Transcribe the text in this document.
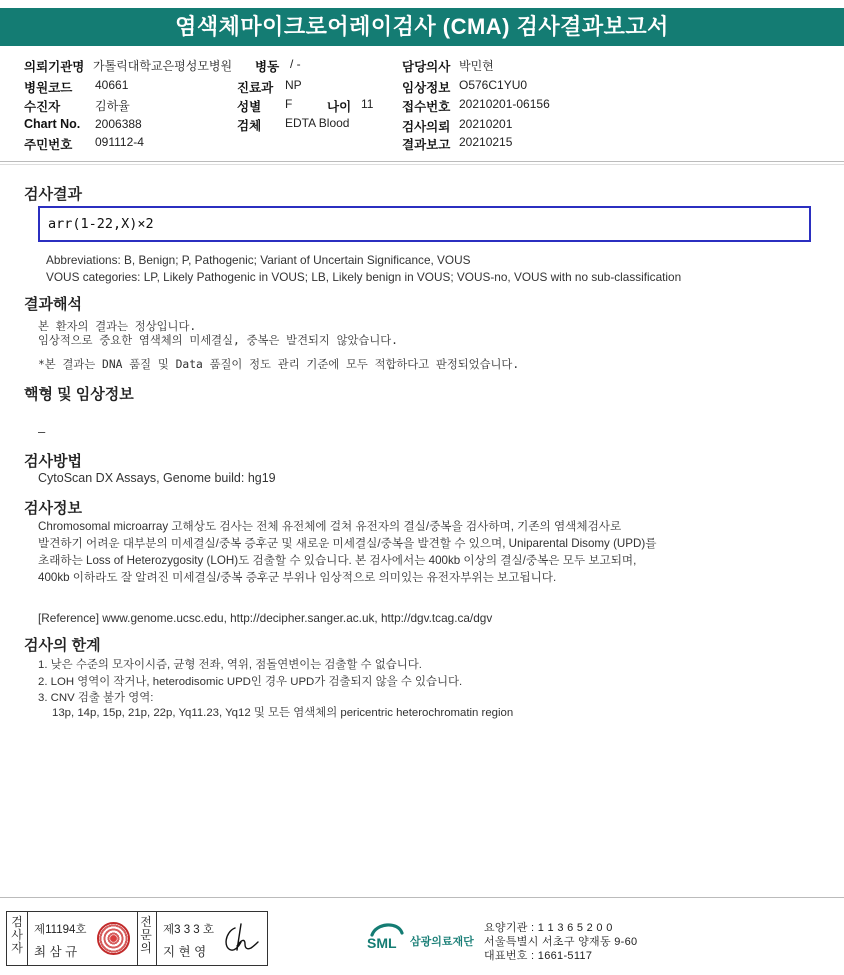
염색체마이크로어레이검사 (CMA) 검사결과보고서
의뢰기관명 가톨릭대학교은평성모병원 병동 / -	담당의사 박민현
병원코드 40661	진료과 NP	임상정보 O576C1YU0
수진자	김하율	성별 F	나이 11 접수번호 20210201-06156
Chart No. 2006388	검체 EDTA Blood	검사의뢰 20210201
주민번호 091112-4	결과보고 20210215
검사결과
arr(1-22,X)×2
Abbreviations: B, Benign; P, Pathogenic; Variant of Uncertain Significance, VOUS
VOUS categories: LP, Likely Pathogenic in VOUS; LB, Likely benign in VOUS; VOUS-no, VOUS with no sub-classification
결과해석
본 환자의 결과는 정상입니다.
임상적으로 중요한 염색체의 미세결실, 중복은 발견되지 않았습니다.
*본 결과는 DNA 품질 및 Data 품질이 정도 관리 기준에 모두 적합하다고 판정되었습니다.
핵형 및 임상정보
–
검사방법
CytoScan DX Assays, Genome build: hg19
검사정보
Chromosomal microarray 고해상도 검사는 전체 유전체에 걸쳐 유전자의 결실/중복을 검사하며, 기존의 염색체검사로
발견하기 어려운 대부분의 미세결실/중복 증후군 및 새로운 미세결실/중복을 발견할 수 있으며, Uniparental Disomy (UPD)를
초래하는 Loss of Heterozygosity (LOH)도 검출할 수 있습니다. 본 검사에서는 400kb 이상의 결실/중복은 모두 보고되며,
400kb 이하라도 잘 알려진 미세결실/중복 증후군 부위나 임상적으로 의미있는 유전자부위는 보고됩니다.
[Reference] www.genome.ucsc.edu, http://decipher.sanger.ac.uk, http://dgv.tcag.ca/dgv
검사의 한계
1. 낮은 수준의 모자이시즘, 균형 전좌, 역위, 점돌연변이는 검출할 수 없습니다.
2. LOH 영역이 작거나, heterodisomic UPD인 경우 UPD가 검출되지 않을 수 있습니다.
3. CNV 검출 불가 영역:
13p, 14p, 15p, 21p, 22p, Yq11.23, Yq12 및 모든 염색체의 pericentric heterochromatin region
검
사
자
제11194호
최 삼 규
전
문
의
제3 3 3 호
지 현 영
SML 삼광의료재단
요양기관 : 1 1 3 6 5 2 0 0
서울특별시 서초구 양재동 9-60
대표번호 : 1661-5117
